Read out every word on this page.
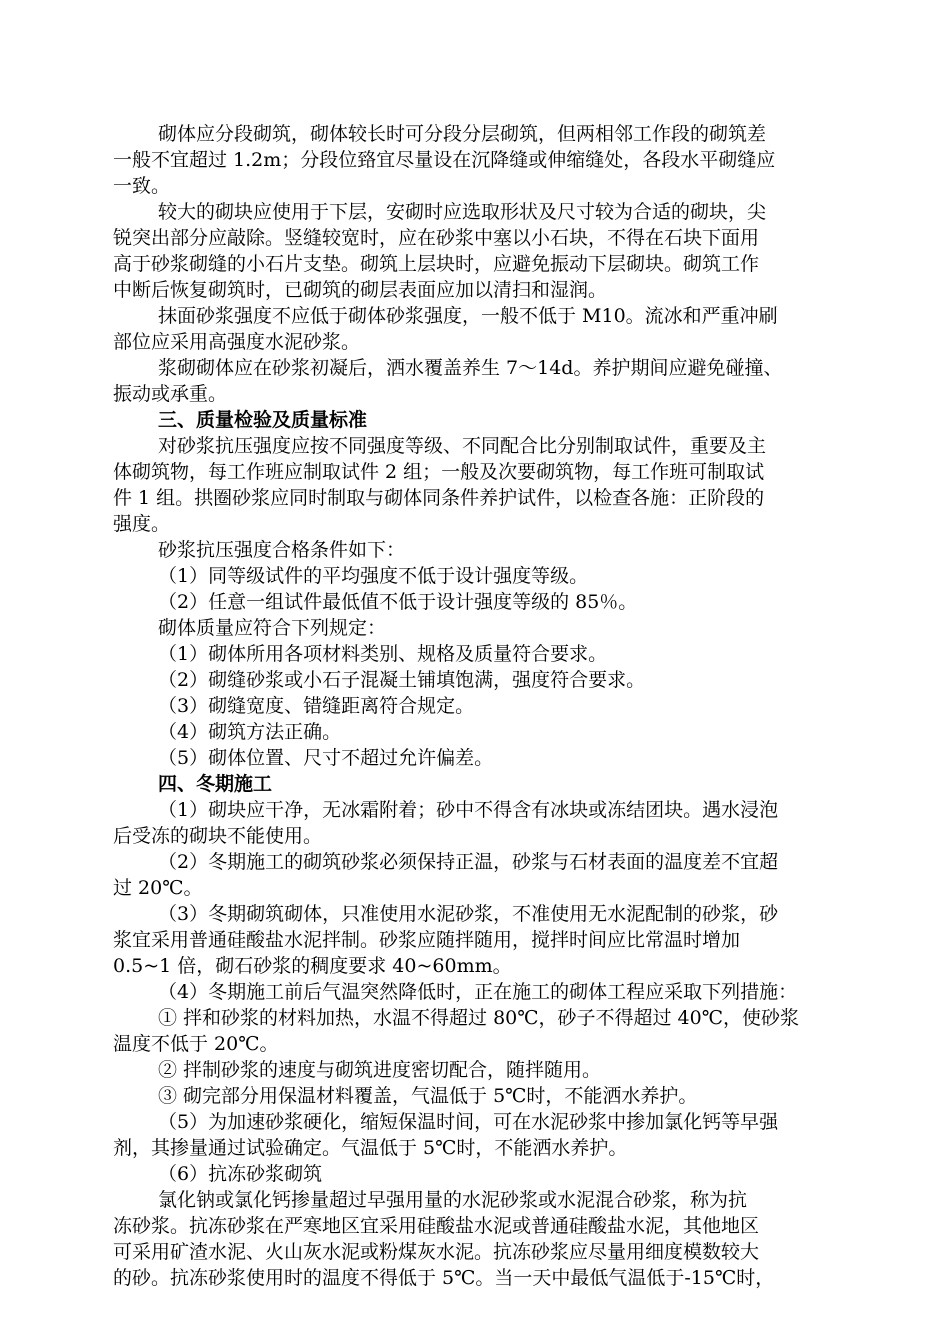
砌体应分段砌筑，砌体较长时可分段分层砌筑，但两相邻工作段的砌筑差
一般不宜超过 1.2m；分段位臵宜尽量设在沉降缝或伸缩缝处，各段水平砌缝应
一致。
较大的砌块应使用于下层，安砌时应选取形状及尺寸较为合适的砌块，尖
锐突出部分应敲除。竖缝较宽时，应在砂浆中塞以小石块，不得在石块下面用
高于砂浆砌缝的小石片支垫。砌筑上层块时，应避免振动下层砌块。砌筑工作
中断后恢复砌筑时，已砌筑的砌层表面应加以清扫和湿润。
抹面砂浆强度不应低于砌体砂浆强度，一般不低于 M10。流冰和严重冲刷
部位应采用高强度水泥砂浆。
浆砌砌体应在砂浆初凝后，洒水覆盖养生 7～14d。养护期间应避免碰撞、
振动或承重。
三、质量检验及质量标准
对砂浆抗压强度应按不同强度等级、不同配合比分别制取试件，重要及主
体砌筑物，每工作班应制取试件 2 组；一般及次要砌筑物，每工作班可制取试
件 1 组。拱圈砂浆应同时制取与砌体同条件养护试件，以检查各施：正阶段的
强度。
砂浆抗压强度合格条件如下：
（1）同等级试件的平均强度不低于设计强度等级。
（2）任意一组试件最低值不低于设计强度等级的 85％。
砌体质量应符合下列规定：
（1）砌体所用各项材料类别、规格及质量符合要求。
（2）砌缝砂浆或小石子混凝土铺填饱满，强度符合要求。
（3）砌缝宽度、错缝距离符合规定。
（4）砌筑方法正确。
（5）砌体位置、尺寸不超过允许偏差。
四、冬期施工
（1）砌块应干净，无冰霜附着；砂中不得含有冰块或冻结团块。遇水浸泡
后受冻的砌块不能使用。
（2）冬期施工的砌筑砂浆必须保持正温，砂浆与石材表面的温度差不宜超
过 20℃。
（3）冬期砌筑砌体，只准使用水泥砂浆，不准使用无水泥配制的砂浆，砂
浆宜采用普通硅酸盐水泥拌制。砂浆应随拌随用，搅拌时间应比常温时增加
0.5~1 倍，砌石砂浆的稠度要求 40~60mm。
（4）冬期施工前后气温突然降低时，正在施工的砌体工程应采取下列措施：
① 拌和砂浆的材料加热，水温不得超过 80℃，砂子不得超过 40℃，使砂浆
温度不低于 20℃。
② 拌制砂浆的速度与砌筑进度密切配合，随拌随用。
③ 砌完部分用保温材料覆盖，气温低于 5℃时，不能洒水养护。
（5）为加速砂浆硬化，缩短保温时间，可在水泥砂浆中掺加氯化钙等早强
剂，其掺量通过试验确定。气温低于 5℃时，不能洒水养护。
（6）抗冻砂浆砌筑
氯化钠或氯化钙掺量超过早强用量的水泥砂浆或水泥混合砂浆，称为抗
冻砂浆。抗冻砂浆在严寒地区宜采用硅酸盐水泥或普通硅酸盐水泥，其他地区
可采用矿渣水泥、火山灰水泥或粉煤灰水泥。抗冻砂浆应尽量用细度模数较大
的砂。抗冻砂浆使用时的温度不得低于 5℃。当一天中最低气温低于-15℃时，
